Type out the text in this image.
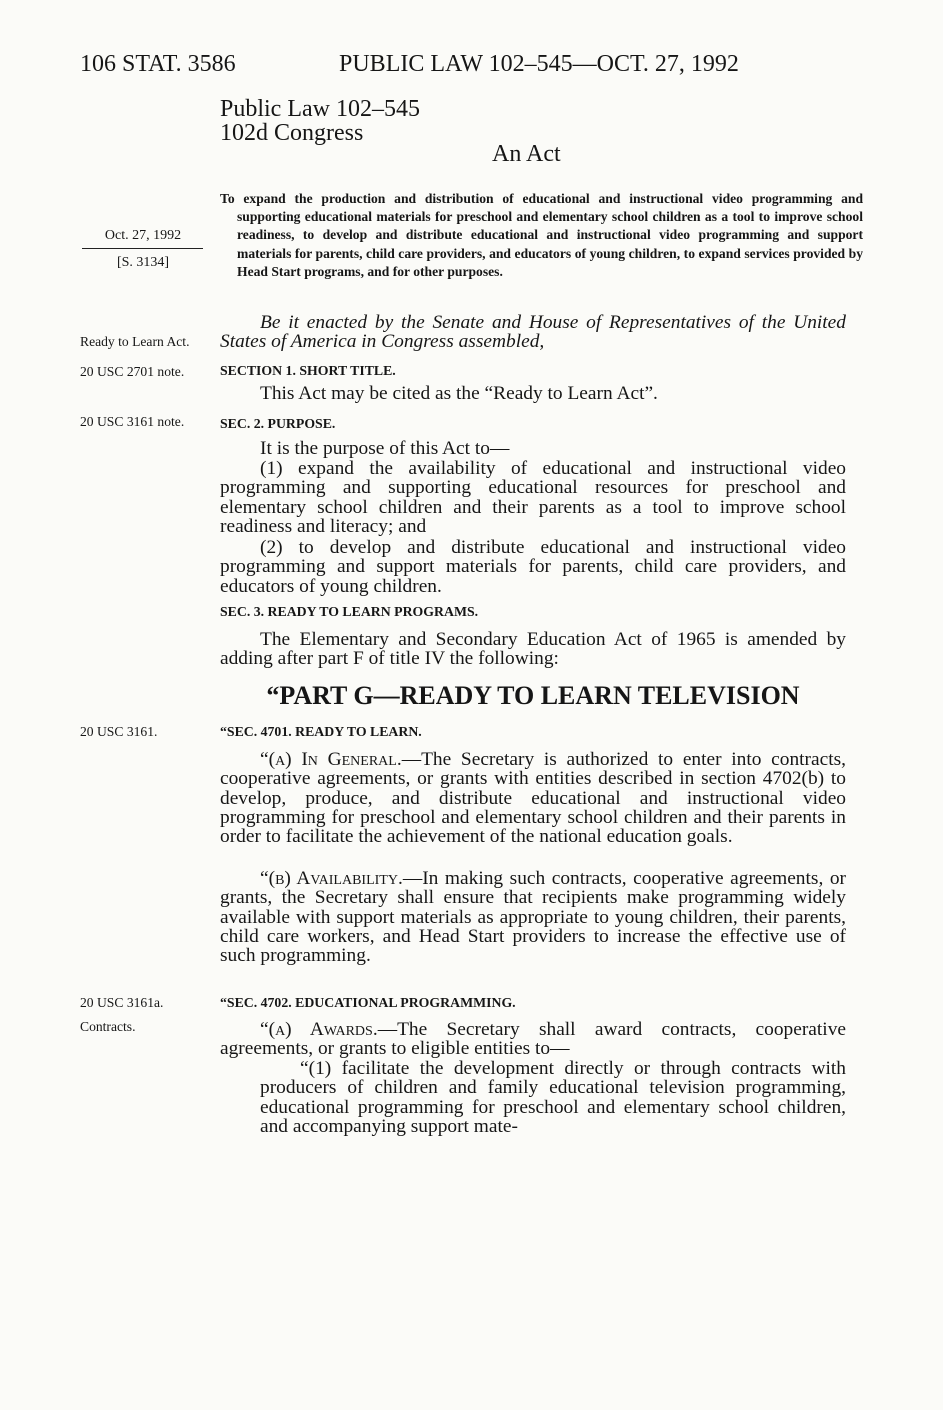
106 STAT. 3586	PUBLIC LAW 102–545—OCT. 27, 1992
Public Law 102–545
102d Congress
An Act
Oct. 27, 1992
[S. 3134]

To expand the production and distribution of educational and instructional video programming and supporting educational materials for preschool and elementary school children as a tool to improve school readiness, to develop and distribute educational and instructional video programming and support materials for parents, child care providers, and educators of young children, to expand services provided by Head Start programs, and for other purposes.

Ready to Learn Act.
20 USC 2701 note.
20 USC 3161 note.
20 USC 3161.
20 USC 3161a.
Contracts.

Be it enacted by the Senate and House of Representatives of the United States of America in Congress assembled,

SECTION 1. SHORT TITLE.

This Act may be cited as the “Ready to Learn Act”.

SEC. 2. PURPOSE.

It is the purpose of this Act to—

(1) expand the availability of educational and instructional video programming and supporting educational resources for preschool and elementary school children and their parents as a tool to improve school readiness and literacy; and

(2) to develop and distribute educational and instructional video programming and support materials for parents, child care providers, and educators of young children.

SEC. 3. READY TO LEARN PROGRAMS.

The Elementary and Secondary Education Act of 1965 is amended by adding after part F of title IV the following:

“PART G—READY TO LEARN TELEVISION
“SEC. 4701. READY TO LEARN.

“(a) In General.—The Secretary is authorized to enter into contracts, cooperative agreements, or grants with entities described in section 4702(b) to develop, produce, and distribute educational and instructional video programming for preschool and elementary school children and their parents in order to facilitate the achievement of the national education goals.

“(b) Availability.—In making such contracts, cooperative agreements, or grants, the Secretary shall ensure that recipients make programming widely available with support materials as appropriate to young children, their parents, child care workers, and Head Start providers to increase the effective use of such programming.

“SEC. 4702. EDUCATIONAL PROGRAMMING.

“(a) Awards.—The Secretary shall award contracts, cooperative agreements, or grants to eligible entities to—

“(1) facilitate the development directly or through contracts with producers of children and family educational television programming, educational programming for preschool and elementary school children, and accompanying support mate-
